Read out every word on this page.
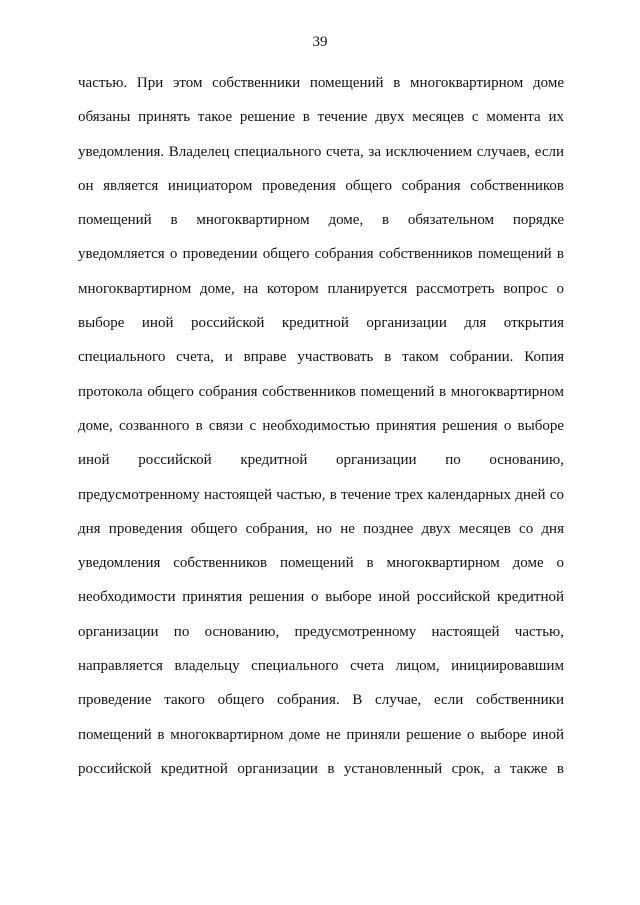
39
частью. При этом собственники помещений в многоквартирном доме
обязаны принять такое решение в течение двух месяцев с момента их
уведомления. Владелец специального счета, за исключением случаев, если
он является инициатором проведения общего собрания собственников
помещений в многоквартирном доме, в обязательном порядке
уведомляется о проведении общего собрания собственников помещений в
многоквартирном доме, на котором планируется рассмотреть вопрос о
выборе иной российской кредитной организации для открытия
специального счета, и вправе участвовать в таком собрании. Копия
протокола общего собрания собственников помещений в многоквартирном
доме, созванного в связи с необходимостью принятия решения о выборе
иной российской кредитной организации по основанию,
предусмотренному настоящей частью, в течение трех календарных дней со
дня проведения общего собрания, но не позднее двух месяцев со дня
уведомления собственников помещений в многоквартирном доме о
необходимости принятия решения о выборе иной российской кредитной
организации по основанию, предусмотренному настоящей частью,
направляется владельцу специального счета лицом, инициировавшим
проведение такого общего собрания. В случае, если собственники
помещений в многоквартирном доме не приняли решение о выборе иной
российской кредитной организации в установленный срок, а также в
